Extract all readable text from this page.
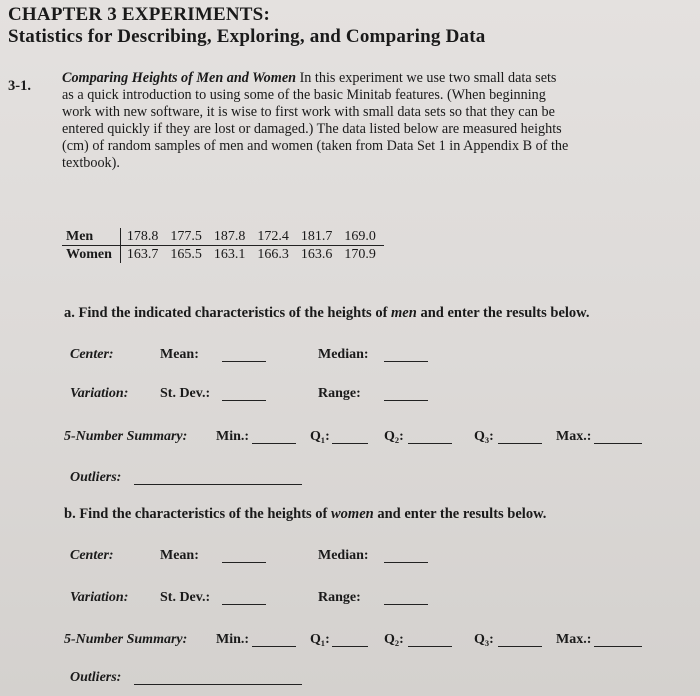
CHAPTER 3 EXPERIMENTS:
Statistics for Describing, Exploring, and Comparing Data
3-1. Comparing Heights of Men and Women In this experiment we use two small data sets
as a quick introduction to using some of the basic Minitab features. (When beginning
work with new software, it is wise to first work with small data sets so that they can be
entered quickly if they are lost or damaged.) The data listed below are measured heights
(cm) of random samples of men and women (taken from Data Set 1 in Appendix B of the
textbook).
Men	178.8	177.5	187.8	172.4	181.7	169.0
Women	163.7	165.5	163.1	166.3	163.6	170.9
a. Find the indicated characteristics of the heights of men and enter the results below.
Center:	Mean:	Median:
Variation: St. Dev.:	Range:
5-Number Summary: Min.:	Q₁:	Q₂:	Q₃:	Max.:
Outliers:
b. Find the characteristics of the heights of women and enter the results below.
Center:	Mean:	Median:
Variation: St. Dev.:	Range:
5-Number Summary: Min.:	Q₁:	Q₂:	Q₃:	Max.:
Outliers:
